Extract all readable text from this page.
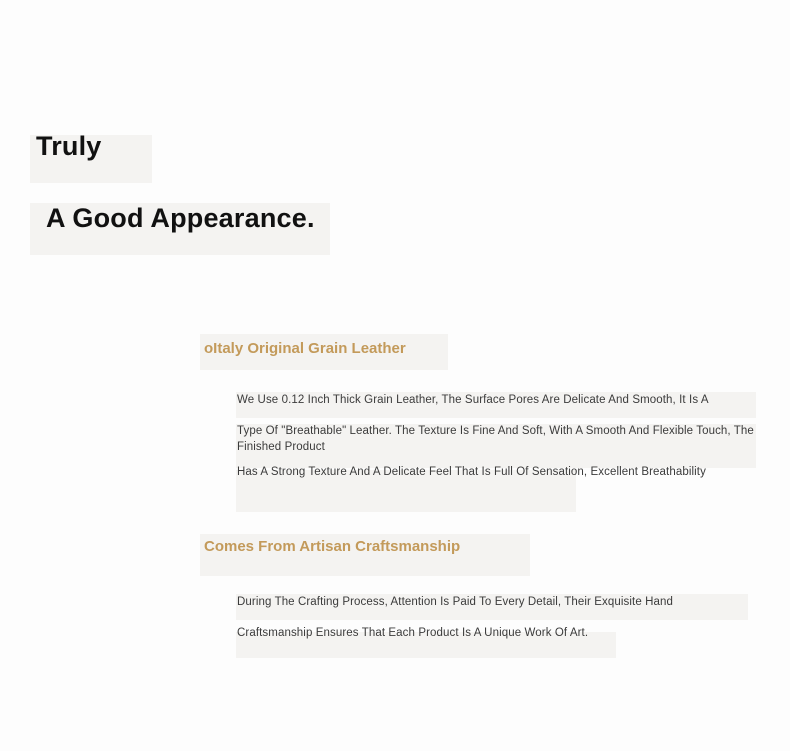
Truly
A Good Appearance.
oItaly Original Grain Leather

We Use 0.12 Inch Thick Grain Leather, The Surface Pores Are Delicate And Smooth, It Is A

Type Of "Breathable" Leather. The Texture Is Fine And Soft, With A Smooth And Flexible Touch, The Finished Product

Has A Strong Texture And A Delicate Feel That Is Full Of Sensation, Excellent Breathability

Comes From Artisan Craftsmanship

During The Crafting Process, Attention Is Paid To Every Detail, Their Exquisite Hand

Craftsmanship Ensures That Each Product Is A Unique Work Of Art.
